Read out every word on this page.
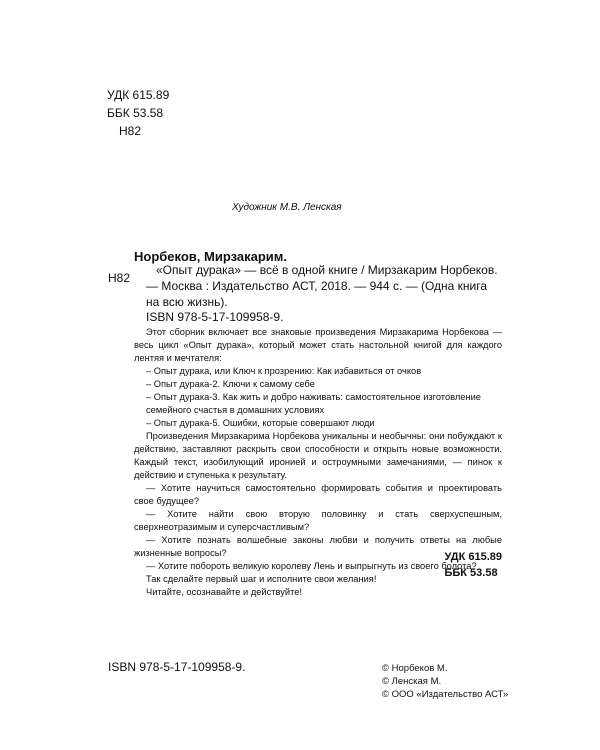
УДК 615.89
ББК 53.58
Н82
Художник М.В. Ленская
Н82
Норбеков, Мирзакарим.
«Опыт дурака» — всё в одной книге / Мирзакарим Норбеков. — Москва : Издательство АСТ, 2018. — 944 с. — (Одна книга на всю жизнь).
ISBN 978-5-17-109958-9.

Этот сборник включает все знаковые произведения Мирзакарима Норбекова — весь цикл «Опыт дурака», который может стать настольной книгой для каждого лентяя и мечтателя:

– Опыт дурака, или Ключ к прозрению: Как избавиться от очков

– Опыт дурака-2. Ключи к самому себе

– Опыт дурака-3. Как жить и добро наживать: самостоятельное изготовление семейного счастья в домашних условиях

– Опыт дурака-5. Ошибки, которые совершают люди

Произведения Мирзакарима Норбекова уникальны и необычны: они побуждают к действию, заставляют раскрыть свои способности и открыть новые возможности. Каждый текст, изобилующий иронией и остроумными замечаниями, — пинок к действию и ступенька к результату.

— Хотите научиться самостоятельно формировать события и проектировать свое будущее?

— Хотите найти свою вторую половинку и стать сверхуспешным, сверхнеотразимым и суперсчастливым?

— Хотите познать волшебные законы любви и получить ответы на любые жизненные вопросы?

— Хотите побороть великую королеву Лень и выпрыгнуть из своего болота?

Так сделайте первый шаг и исполните свои желания!

Читайте, осознавайте и действуйте!

УДК 615.89
ББК 53.58
ISBN 978-5-17-109958-9.	© Норбеков М.
© Ленская М.
© ООО «Издательство АСТ»
